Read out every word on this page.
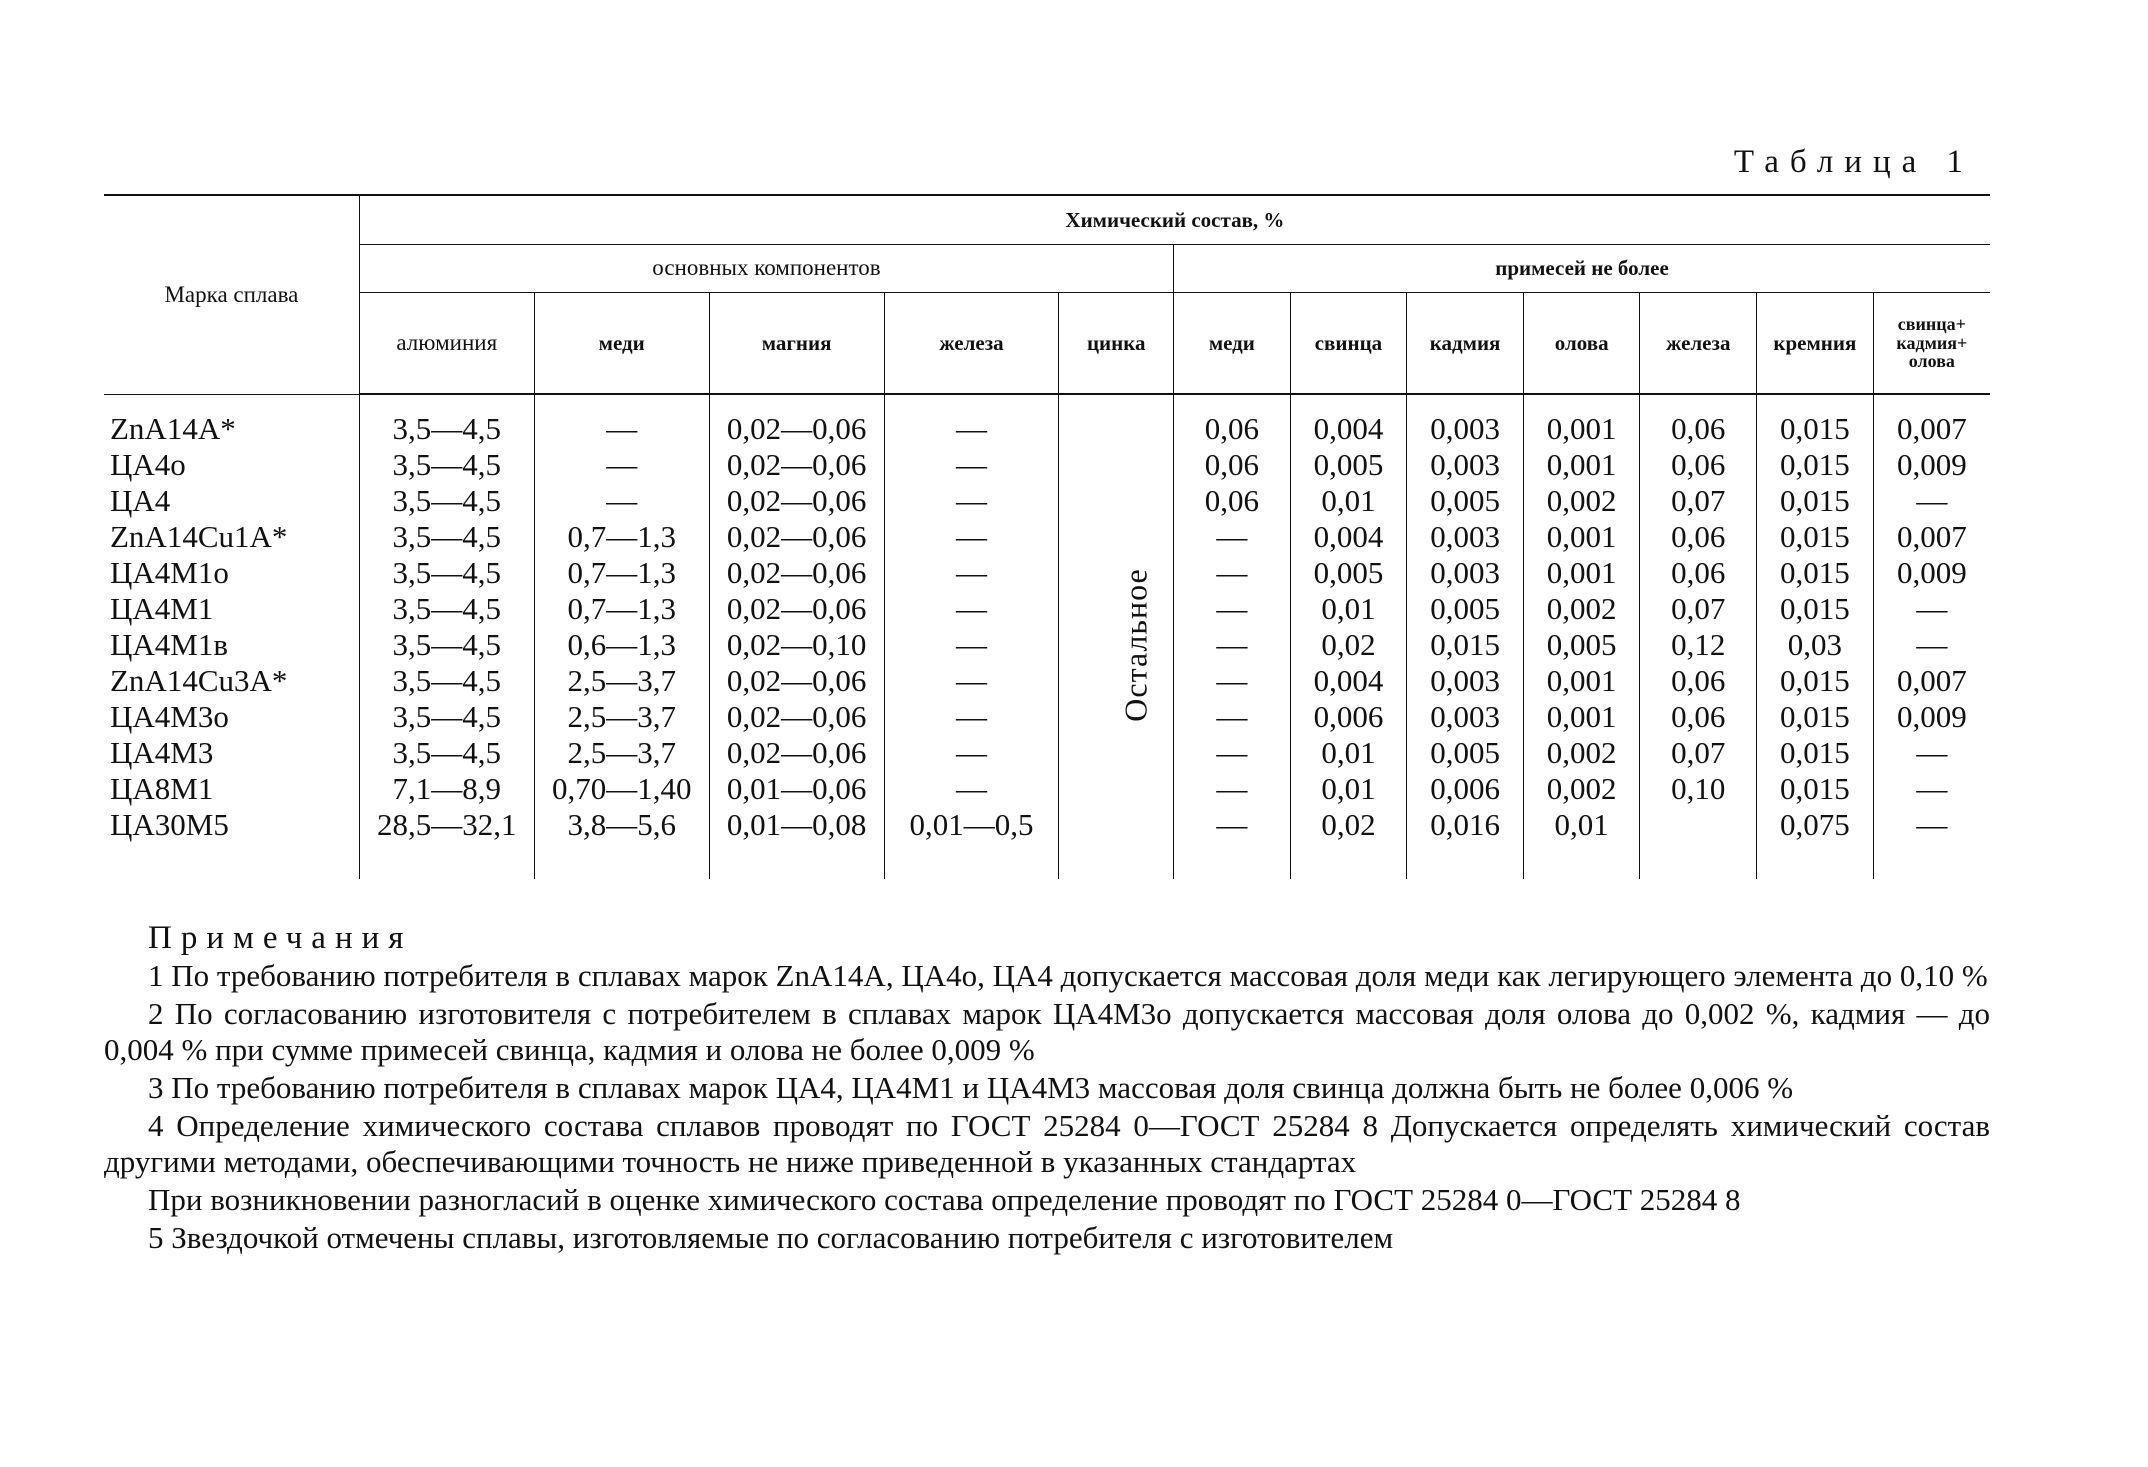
Таблица 1
Марка сплава	Химический состав, %											
	основных компонентов					примесей не более						
	алюминия	меди	магния	железа	цинка	меди	свинца	кадмия	олова	железа	кремния	свинца+ кадмия+ олова
ZnA14A*	3,5—4,5	—	0,02—0,06	—	Остальное	0,06	0,004	0,003	0,001	0,06	0,015	0,007
ЦА4о	3,5—4,5	—	0,02—0,06	—		0,06	0,005	0,003	0,001	0,06	0,015	0,009
ЦА4	3,5—4,5	—	0,02—0,06	—		0,06	0,01	0,005	0,002	0,07	0,015	—
ZnA14Cu1A*	3,5—4,5	0,7—1,3	0,02—0,06	—		—	0,004	0,003	0,001	0,06	0,015	0,007
ЦА4М1о	3,5—4,5	0,7—1,3	0,02—0,06	—		—	0,005	0,003	0,001	0,06	0,015	0,009
ЦА4М1	3,5—4,5	0,7—1,3	0,02—0,06	—		—	0,01	0,005	0,002	0,07	0,015	—
ЦА4М1в	3,5—4,5	0,6—1,3	0,02—0,10	—		—	0,02	0,015	0,005	0,12	0,03	—
ZnA14Cu3A*	3,5—4,5	2,5—3,7	0,02—0,06	—		—	0,004	0,003	0,001	0,06	0,015	0,007
ЦА4М3о	3,5—4,5	2,5—3,7	0,02—0,06	—		—	0,006	0,003	0,001	0,06	0,015	0,009
ЦА4М3	3,5—4,5	2,5—3,7	0,02—0,06	—		—	0,01	0,005	0,002	0,07	0,015	—
ЦА8М1	7,1—8,9	0,70—1,40	0,01—0,06	—		—	0,01	0,006	0,002	0,10	0,015	—
ЦА30М5	28,5—32,1	3,8—5,6	0,01—0,08	0,01—0,5		—	0,02	0,016	0,01		0,075	—

Примечания

1 По требованию потребителя в сплавах марок ZnA14A, ЦА4о, ЦА4 допускается массовая доля меди как легирующего элемента до 0,10 %

2 По согласованию изготовителя с потребителем в сплавах марок ЦА4М3о допускается массовая доля олова до 0,002 %, кадмия — до 0,004 % при сумме примесей свинца, кадмия и олова не более 0,009 %

3 По требованию потребителя в сплавах марок ЦА4, ЦА4М1 и ЦА4М3 массовая доля свинца должна быть не более 0,006 %

4 Определение химического состава сплавов проводят по ГОСТ 25284 0—ГОСТ 25284 8 Допускается определять химический состав другими методами, обеспечивающими точность не ниже приведенной в указанных стандартах

При возникновении разногласий в оценке химического состава определение проводят по ГОСТ 25284 0—ГОСТ 25284 8

5 Звездочкой отмечены сплавы, изготовляемые по согласованию потребителя с изготовителем
